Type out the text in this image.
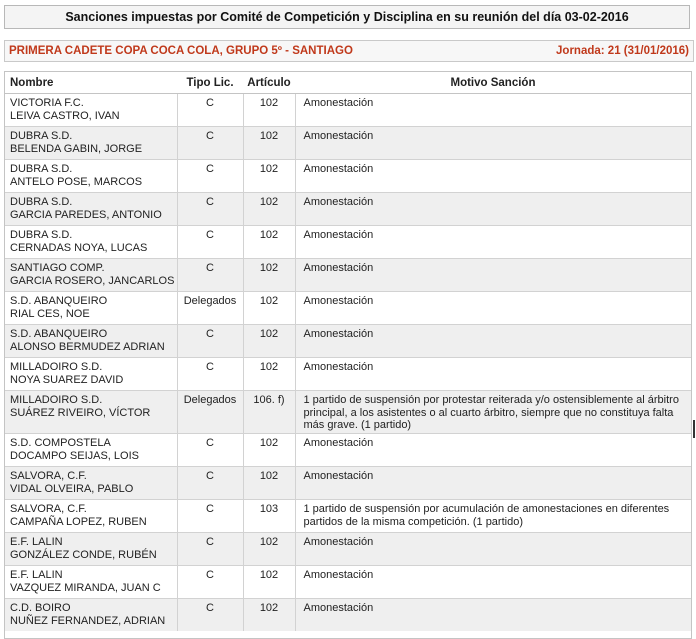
Sanciones impuestas por Comité de Competición y Disciplina en su reunión del día 03-02-2016
PRIMERA CADETE COPA COCA COLA, GRUPO 5º - SANTIAGO	Jornada: 21 (31/01/2016)
Nombre	Tipo Lic.	Artículo	Motivo Sanción

VICTORIA F.C.
LEIVA CASTRO, IVAN	C	102	Amonestación

DUBRA S.D.
BELENDA GABIN, JORGE	C	102	Amonestación

DUBRA S.D.
ANTELO POSE, MARCOS	C	102	Amonestación

DUBRA S.D.
GARCIA PAREDES, ANTONIO	C	102	Amonestación

DUBRA S.D.
CERNADAS NOYA, LUCAS	C	102	Amonestación

SANTIAGO COMP.
GARCIA ROSERO, JANCARLOS	C	102	Amonestación

S.D. ABANQUEIRO
RIAL CES, NOE	Delegados	102	Amonestación

S.D. ABANQUEIRO
ALONSO BERMUDEZ ADRIAN	C	102	Amonestación

MILLADOIRO S.D.
NOYA SUAREZ DAVID	C	102	Amonestación

MILLADOIRO S.D.
SUÁREZ RIVEIRO, VÍCTOR	Delegados	106. f)	1 partido de suspensión por protestar reiterada y/o ostensiblemente al árbitro principal, a los asistentes o al cuarto árbitro, siempre que no constituya falta más grave. (1 partido)

S.D. COMPOSTELA
DOCAMPO SEIJAS, LOIS	C	102	Amonestación

SALVORA, C.F.
VIDAL OLVEIRA, PABLO	C	102	Amonestación

SALVORA, C.F.
CAMPAÑA LOPEZ, RUBEN	C	103	1 partido de suspensión por acumulación de amonestaciones en diferentes partidos de la misma competición. (1 partido)

E.F. LALIN
GONZÁLEZ CONDE, RUBÉN	C	102	Amonestación

E.F. LALIN
VAZQUEZ MIRANDA, JUAN C	C	102	Amonestación

C.D. BOIRO
NUÑEZ FERNANDEZ, ADRIAN	C	102	Amonestación
